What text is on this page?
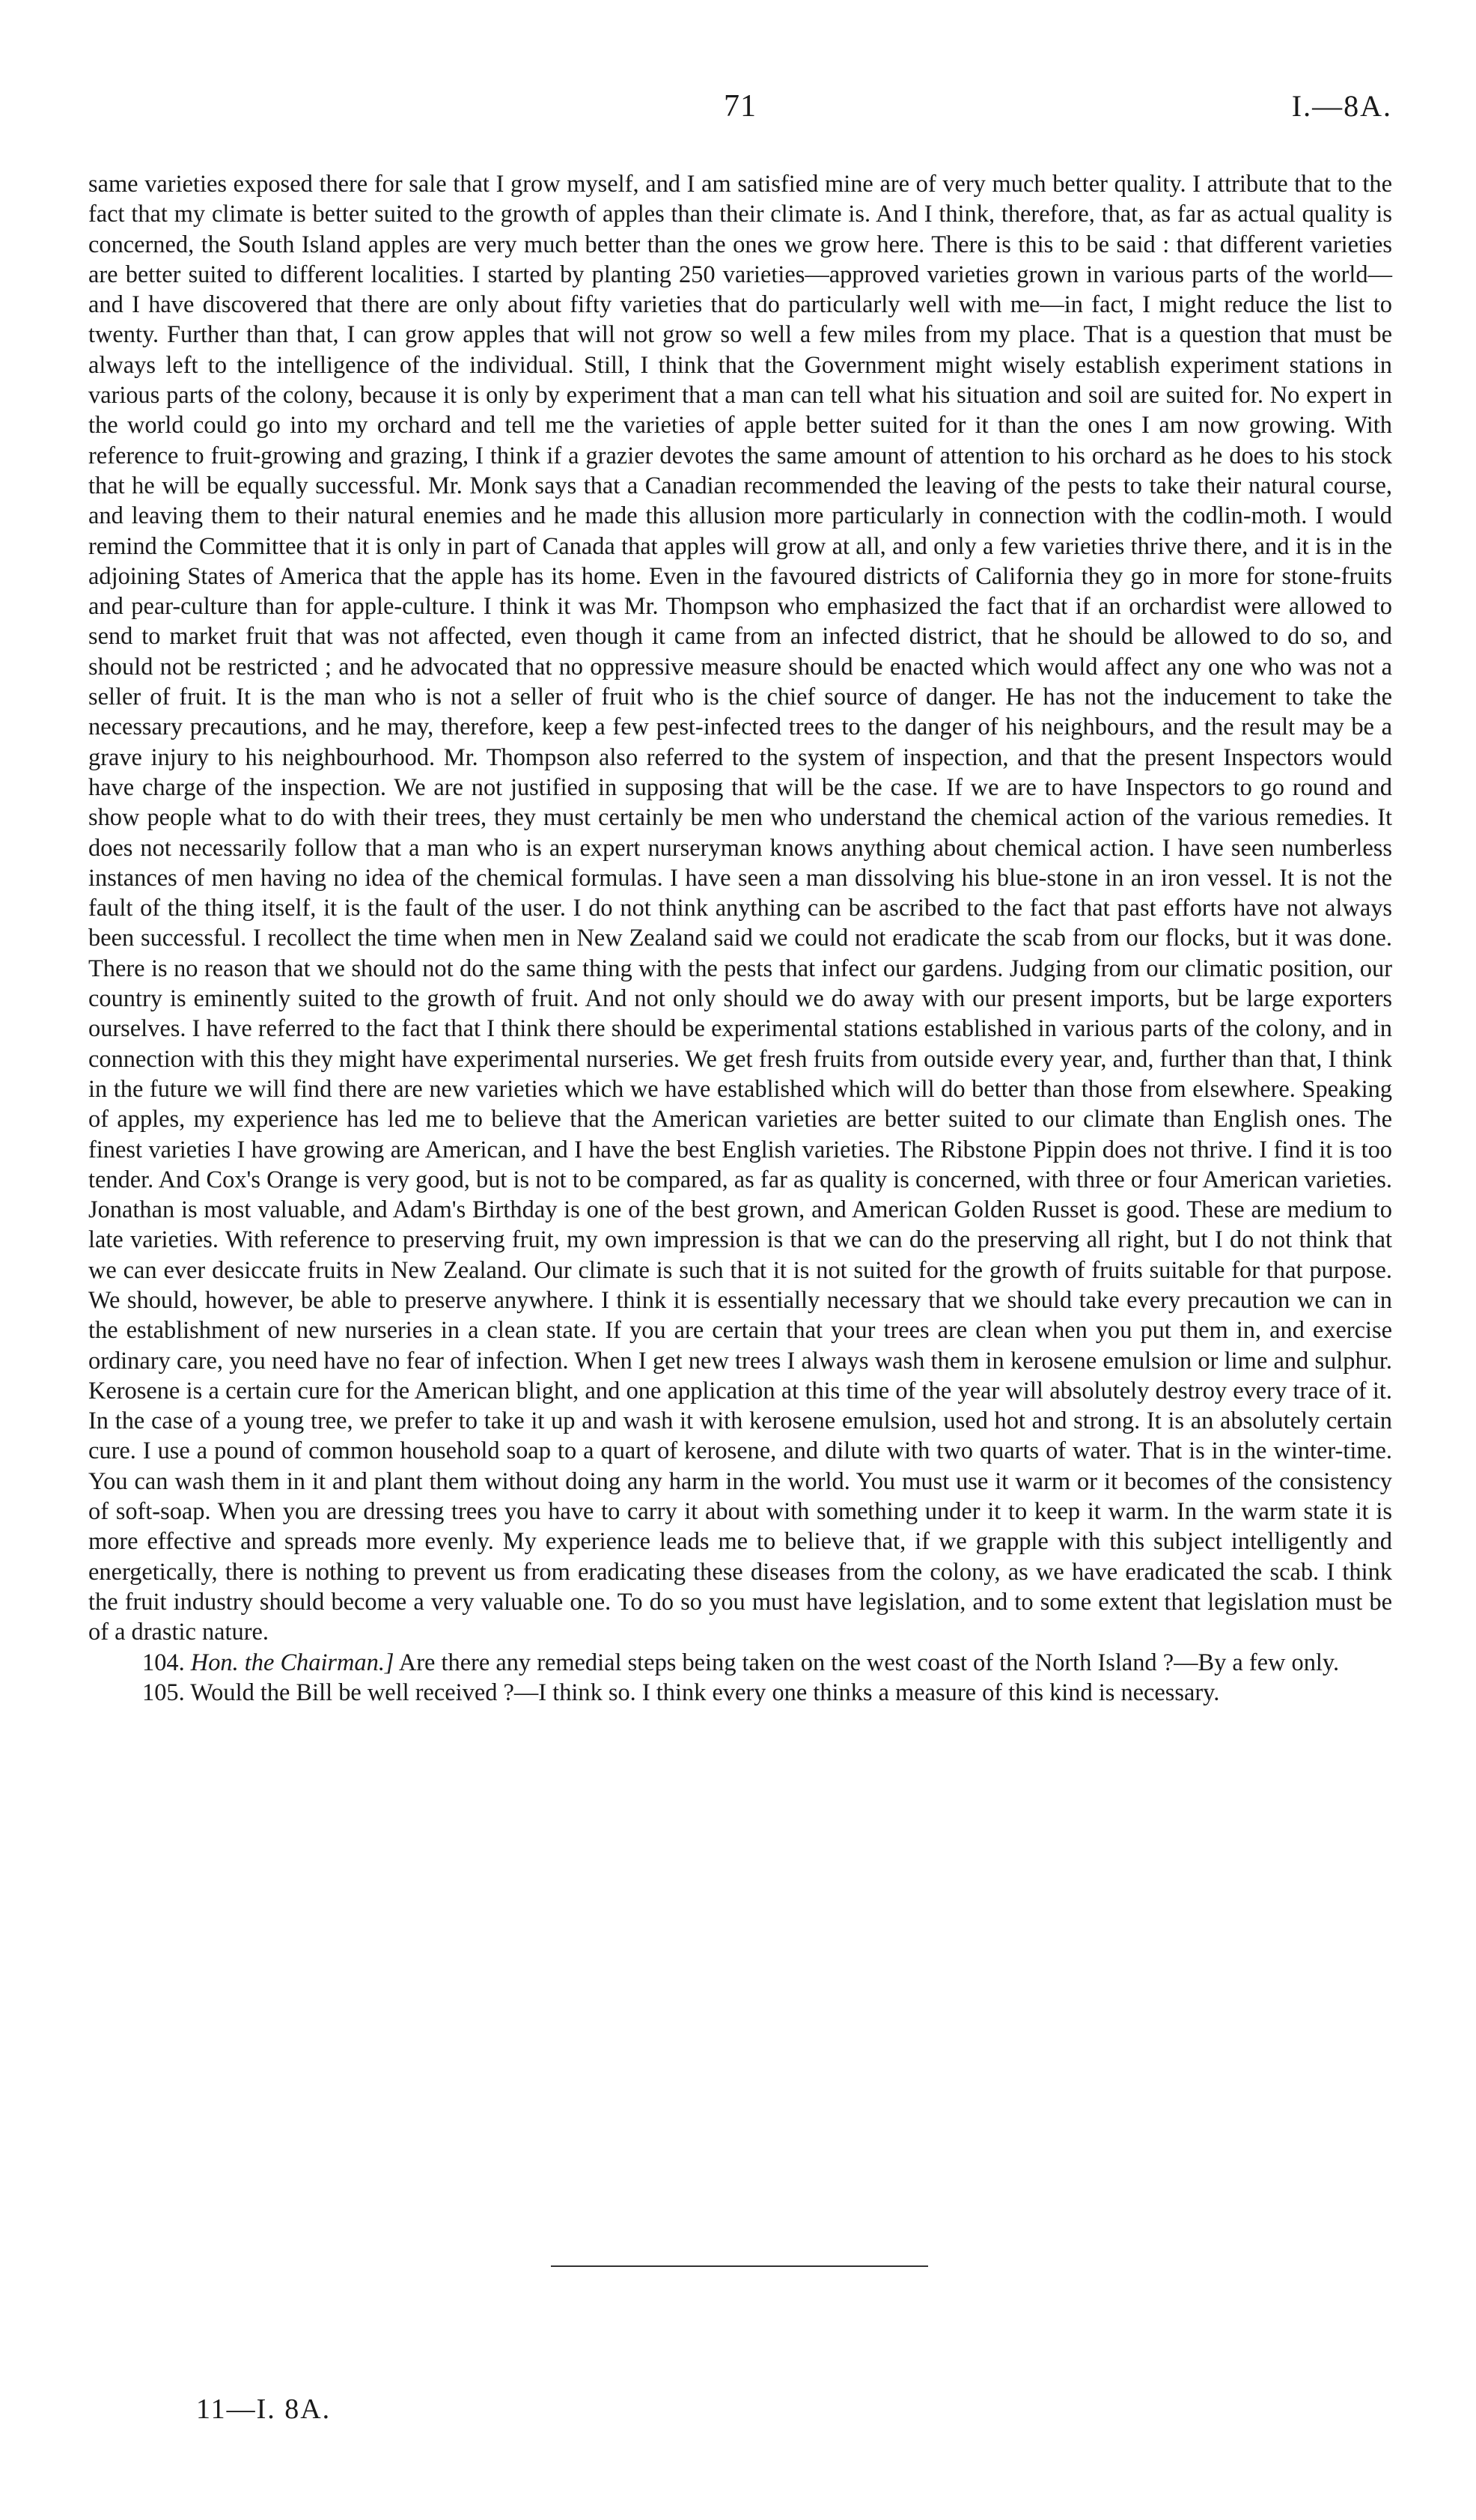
71	I.—8A.

same varieties exposed there for sale that I grow myself, and I am satisfied mine are of very much better quality. I attribute that to the fact that my climate is better suited to the growth of apples than their climate is. And I think, therefore, that, as far as actual quality is concerned, the South Island apples are very much better than the ones we grow here. There is this to be said : that different varieties are better suited to different localities. I started by planting 250 varieties—approved varieties grown in various parts of the world—and I have discovered that there are only about fifty varieties that do particularly well with me—in fact, I might reduce the list to twenty. Further than that, I can grow apples that will not grow so well a few miles from my place. That is a question that must be always left to the intelligence of the individual. Still, I think that the Government might wisely establish experiment stations in various parts of the colony, because it is only by experiment that a man can tell what his situation and soil are suited for. No expert in the world could go into my orchard and tell me the varieties of apple better suited for it than the ones I am now growing. With reference to fruit-growing and grazing, I think if a grazier devotes the same amount of attention to his orchard as he does to his stock that he will be equally successful. Mr. Monk says that a Canadian recommended the leaving of the pests to take their natural course, and leaving them to their natural enemies and he made this allusion more particularly in connection with the codlin-moth. I would remind the Committee that it is only in part of Canada that apples will grow at all, and only a few varieties thrive there, and it is in the adjoining States of America that the apple has its home. Even in the favoured districts of California they go in more for stone-fruits and pear-culture than for apple-culture. I think it was Mr. Thompson who emphasized the fact that if an orchardist were allowed to send to market fruit that was not affected, even though it came from an infected district, that he should be allowed to do so, and should not be restricted ; and he advocated that no oppressive measure should be enacted which would affect any one who was not a seller of fruit. It is the man who is not a seller of fruit who is the chief source of danger. He has not the inducement to take the necessary precautions, and he may, therefore, keep a few pest-infected trees to the danger of his neighbours, and the result may be a grave injury to his neighbourhood. Mr. Thompson also referred to the system of inspection, and that the present Inspectors would have charge of the inspection. We are not justified in supposing that will be the case. If we are to have Inspectors to go round and show people what to do with their trees, they must certainly be men who understand the chemical action of the various remedies. It does not necessarily follow that a man who is an expert nurseryman knows anything about chemical action. I have seen numberless instances of men having no idea of the chemical formulas. I have seen a man dissolving his blue-stone in an iron vessel. It is not the fault of the thing itself, it is the fault of the user. I do not think anything can be ascribed to the fact that past efforts have not always been successful. I recollect the time when men in New Zealand said we could not eradicate the scab from our flocks, but it was done. There is no reason that we should not do the same thing with the pests that infect our gardens. Judging from our climatic position, our country is eminently suited to the growth of fruit. And not only should we do away with our present imports, but be large exporters ourselves. I have referred to the fact that I think there should be experimental stations established in various parts of the colony, and in connection with this they might have experimental nurseries. We get fresh fruits from outside every year, and, further than that, I think in the future we will find there are new varieties which we have established which will do better than those from elsewhere. Speaking of apples, my experience has led me to believe that the American varieties are better suited to our climate than English ones. The finest varieties I have growing are American, and I have the best English varieties. The Ribstone Pippin does not thrive. I find it is too tender. And Cox's Orange is very good, but is not to be compared, as far as quality is concerned, with three or four American varieties. Jonathan is most valuable, and Adam's Birthday is one of the best grown, and American Golden Russet is good. These are medium to late varieties. With reference to preserving fruit, my own impression is that we can do the preserving all right, but I do not think that we can ever desiccate fruits in New Zealand. Our climate is such that it is not suited for the growth of fruits suitable for that purpose. We should, however, be able to preserve anywhere. I think it is essentially necessary that we should take every precaution we can in the establishment of new nurseries in a clean state. If you are certain that your trees are clean when you put them in, and exercise ordinary care, you need have no fear of infection. When I get new trees I always wash them in kerosene emulsion or lime and sulphur. Kerosene is a certain cure for the American blight, and one application at this time of the year will absolutely destroy every trace of it. In the case of a young tree, we prefer to take it up and wash it with kerosene emulsion, used hot and strong. It is an absolutely certain cure. I use a pound of common household soap to a quart of kerosene, and dilute with two quarts of water. That is in the winter-time. You can wash them in it and plant them without doing any harm in the world. You must use it warm or it becomes of the consistency of soft-soap. When you are dressing trees you have to carry it about with something under it to keep it warm. In the warm state it is more effective and spreads more evenly. My experience leads me to believe that, if we grapple with this subject intelligently and energetically, there is nothing to prevent us from eradicating these diseases from the colony, as we have eradicated the scab. I think the fruit industry should become a very valuable one. To do so you must have legislation, and to some extent that legislation must be of a drastic nature.

104. Hon. the Chairman.] Are there any remedial steps being taken on the west coast of the North Island ?—By a few only.

105. Would the Bill be well received ?—I think so. I think every one thinks a measure of this kind is necessary.

11—I. 8A.
